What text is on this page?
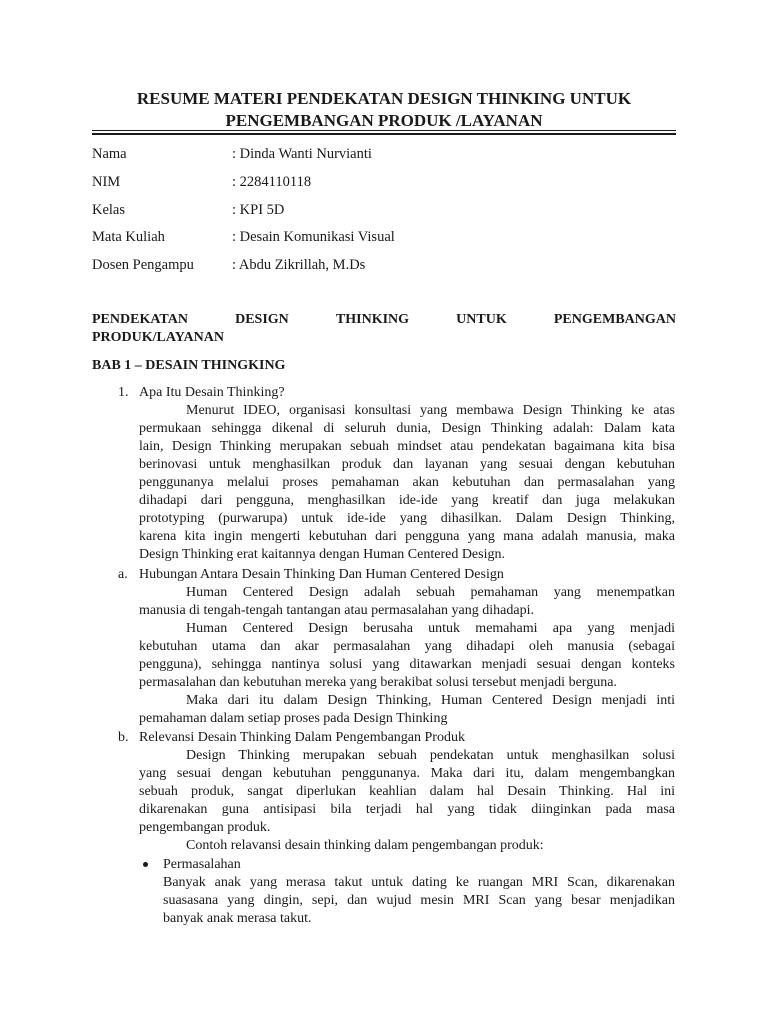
RESUME MATERI PENDEKATAN DESIGN THINKING UNTUK
PENGEMBANGAN PRODUK /LAYANAN
Nama	: Dinda Wanti Nurvianti
NIM	: 2284110118
Kelas	: KPI 5D
Mata Kuliah	: Desain Komunikasi Visual
Dosen Pengampu	: Abdu Zikrillah, M.Ds
PENDEKATAN	DESIGN	THINKING	UNTUK	PENGEMBANGAN
PRODUK/LAYANAN
BAB 1 – DESAIN THINGKING
1. Apa Itu Desain Thinking?
Menurut IDEO, organisasi konsultasi yang membawa Design Thinking ke atas
permukaan sehingga dikenal di seluruh dunia, Design Thinking adalah: Dalam kata
lain, Design Thinking merupakan sebuah mindset atau pendekatan bagaimana kita bisa
berinovasi untuk menghasilkan produk dan layanan yang sesuai dengan kebutuhan
penggunanya melalui proses pemahaman akan kebutuhan dan permasalahan yang
dihadapi dari pengguna, menghasilkan ide-ide yang kreatif dan juga melakukan
prototyping (purwarupa) untuk ide-ide yang dihasilkan. Dalam Design Thinking,
karena kita ingin mengerti kebutuhan dari pengguna yang mana adalah manusia, maka
Design Thinking erat kaitannya dengan Human Centered Design.
a. Hubungan Antara Desain Thinking Dan Human Centered Design
Human Centered Design adalah sebuah pemahaman yang menempatkan
manusia di tengah-tengah tantangan atau permasalahan yang dihadapi.
Human Centered Design berusaha untuk memahami apa yang menjadi
kebutuhan utama dan akar permasalahan yang dihadapi oleh manusia (sebagai
pengguna), sehingga nantinya solusi yang ditawarkan menjadi sesuai dengan konteks
permasalahan dan kebutuhan mereka yang berakibat solusi tersebut menjadi berguna.
Maka dari itu dalam Design Thinking, Human Centered Design menjadi inti
pemahaman dalam setiap proses pada Design Thinking
b. Relevansi Desain Thinking Dalam Pengembangan Produk
Design Thinking merupakan sebuah pendekatan untuk menghasilkan solusi
yang sesuai dengan kebutuhan penggunanya. Maka dari itu, dalam mengembangkan
sebuah produk, sangat diperlukan keahlian dalam hal Desain Thinking. Hal ini
dikarenakan guna antisipasi bila terjadi hal yang tidak diinginkan pada masa
pengembangan produk.
Contoh relavansi desain thinking dalam pengembangan produk:
Permasalahan
Banyak anak yang merasa takut untuk dating ke ruangan MRI Scan, dikarenakan
suasasana yang dingin, sepi, dan wujud mesin MRI Scan yang besar menjadikan
banyak anak merasa takut.
